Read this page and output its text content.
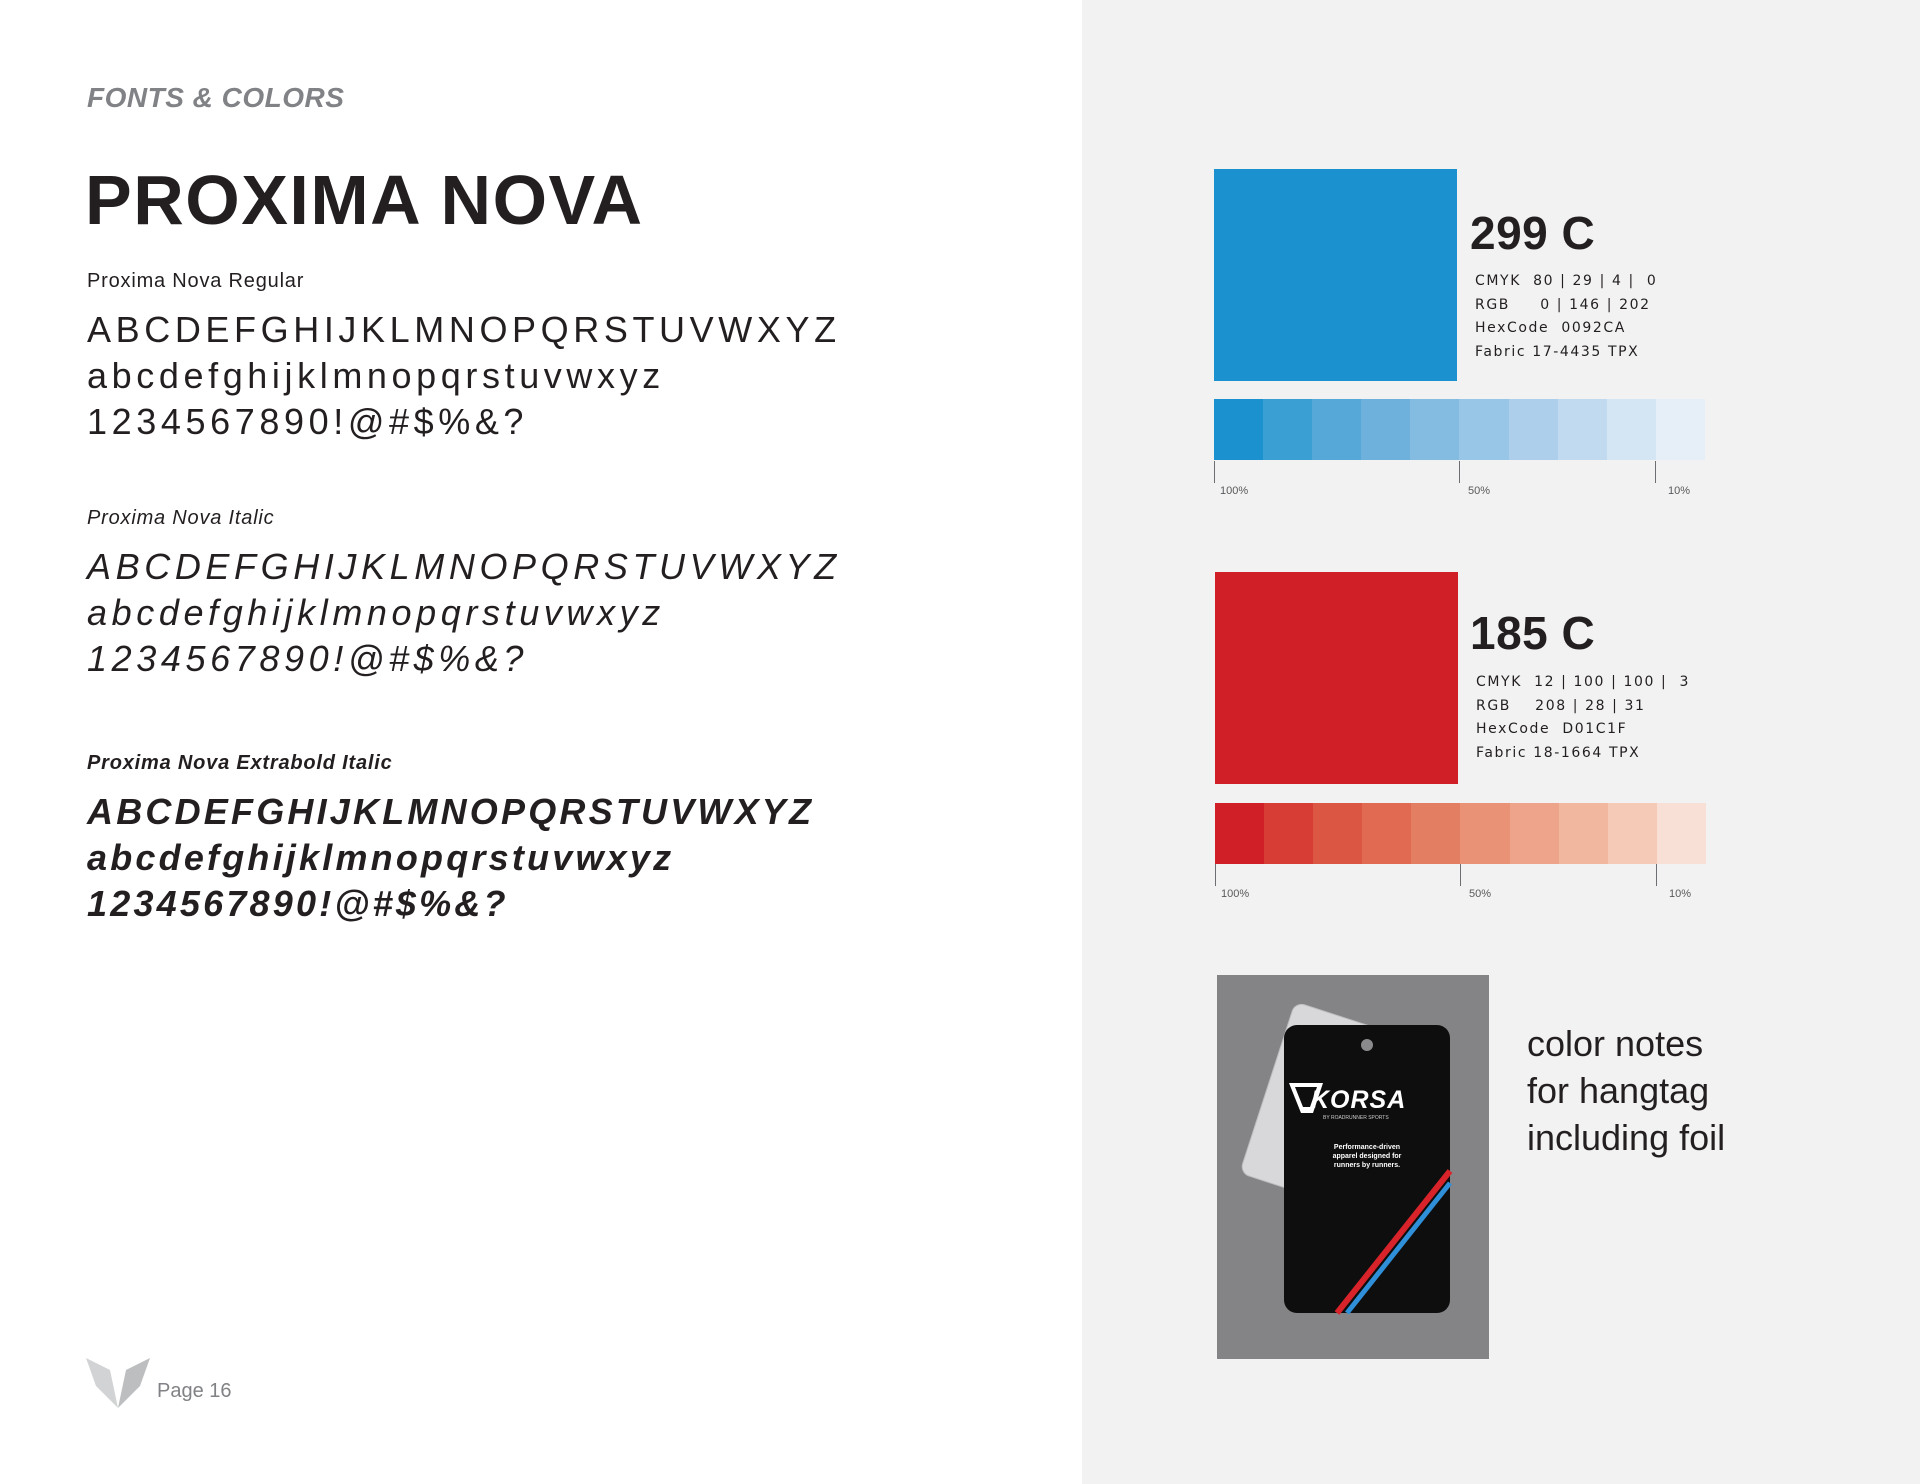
FONTS & COLORS
PROXIMA NOVA
Proxima Nova Regular
ABCDEFGHIJKLMNOPQRSTUVWXYZ
abcdefghijklmnopqrstuvwxyz
1234567890!@#$%&?
Proxima Nova Italic
ABCDEFGHIJKLMNOPQRSTUVWXYZ
abcdefghijklmnopqrstuvwxyz
1234567890!@#$%&?
Proxima Nova Extrabold Italic
ABCDEFGHIJKLMNOPQRSTUVWXYZ
abcdefghijklmnopqrstuvwxyz
1234567890!@#$%&?
299 C
CMYK  80 | 29 | 4 |  0
RGB     0 | 146 | 202
HexCode  0092CA
Fabric 17-4435 TPX
100%	50%	10%
185 C
CMYK  12 | 100 | 100 |  3
RGB    208 | 28 | 31
HexCode  D01C1F
Fabric 18-1664 TPX
100%	50%	10%
KORSA
BY ROADRUNNER SPORTS
Performance-driven apparel designed for runners by runners.
color notes
for hangtag
including foil
Page 16
